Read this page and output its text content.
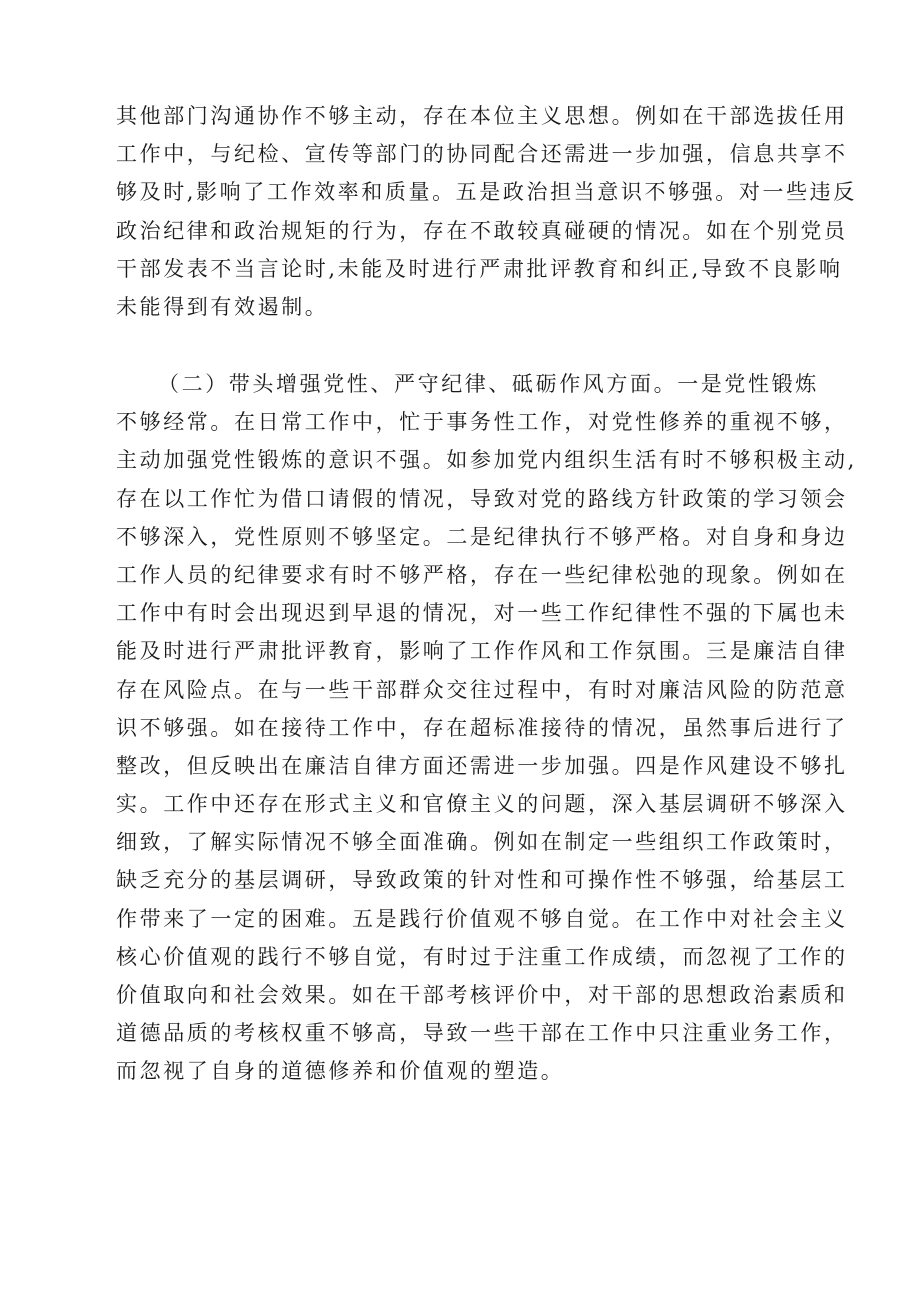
其他部门沟通协作不够主动，存在本位主义思想。例如在干部选拔任用
工作中，与纪检、宣传等部门的协同配合还需进一步加强，信息共享不
够及时,影响了工作效率和质量。五是政治担当意识不够强。对一些违反
政治纪律和政治规矩的行为，存在不敢较真碰硬的情况。如在个别党员
干部发表不当言论时,未能及时进行严肃批评教育和纠正,导致不良影响
未能得到有效遏制。
（二）带头增强党性、严守纪律、砥砺作风方面。一是党性锻炼
不够经常。在日常工作中，忙于事务性工作，对党性修养的重视不够，
主动加强党性锻炼的意识不强。如参加党内组织生活有时不够积极主动,
存在以工作忙为借口请假的情况，导致对党的路线方针政策的学习领会
不够深入，党性原则不够坚定。二是纪律执行不够严格。对自身和身边
工作人员的纪律要求有时不够严格，存在一些纪律松弛的现象。例如在
工作中有时会出现迟到早退的情况，对一些工作纪律性不强的下属也未
能及时进行严肃批评教育，影响了工作作风和工作氛围。三是廉洁自律
存在风险点。在与一些干部群众交往过程中，有时对廉洁风险的防范意
识不够强。如在接待工作中，存在超标准接待的情况，虽然事后进行了
整改，但反映出在廉洁自律方面还需进一步加强。四是作风建设不够扎
实。工作中还存在形式主义和官僚主义的问题，深入基层调研不够深入
细致，了解实际情况不够全面准确。例如在制定一些组织工作政策时，
缺乏充分的基层调研，导致政策的针对性和可操作性不够强，给基层工
作带来了一定的困难。五是践行价值观不够自觉。在工作中对社会主义
核心价值观的践行不够自觉，有时过于注重工作成绩，而忽视了工作的
价值取向和社会效果。如在干部考核评价中，对干部的思想政治素质和
道德品质的考核权重不够高，导致一些干部在工作中只注重业务工作，
而忽视了自身的道德修养和价值观的塑造。
